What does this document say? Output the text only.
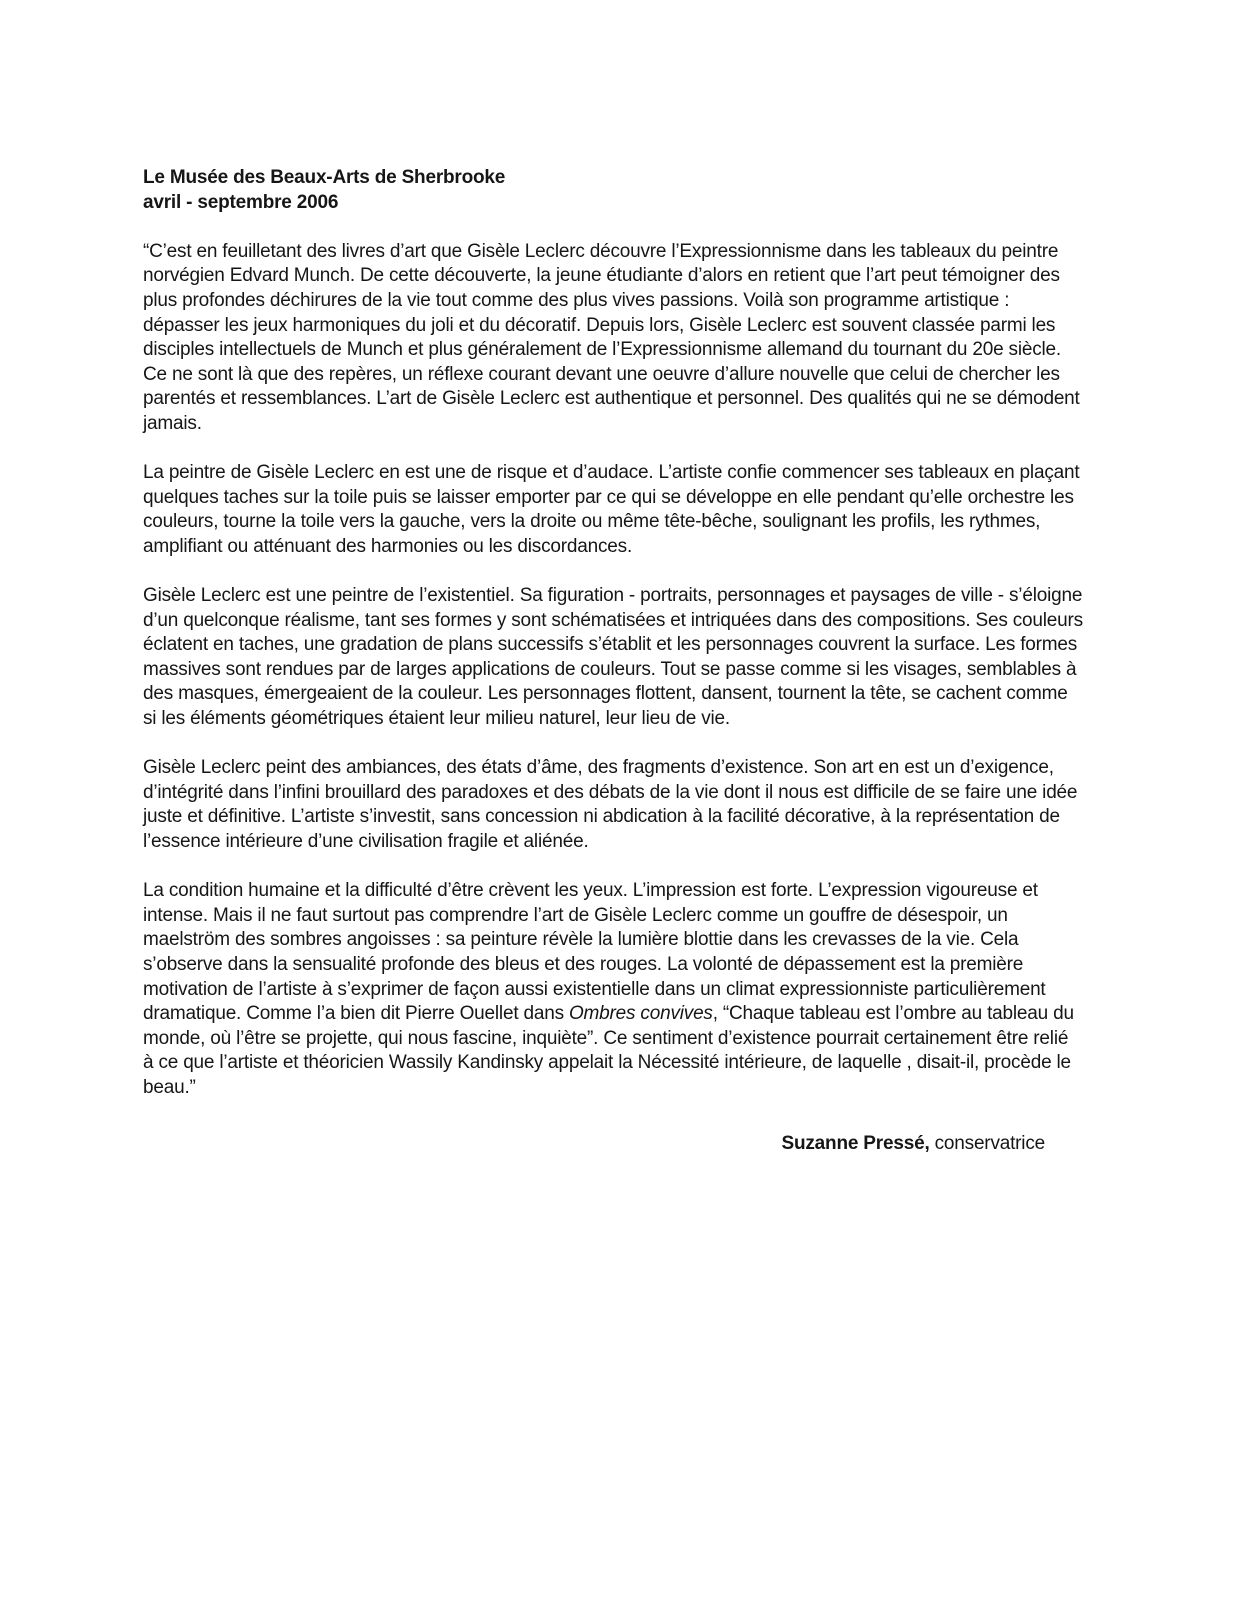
Le Musée des Beaux-Arts de Sherbrooke
avril - septembre 2006

“C’est en feuilletant des livres d’art que Gisèle Leclerc découvre l’Expressionnisme dans les tableaux du peintre norvégien Edvard Munch. De cette découverte, la jeune étudiante d’alors en retient que l’art peut témoigner des plus profondes déchirures de la vie tout comme des plus vives passions. Voilà son programme artistique : dépasser les jeux harmoniques du joli et du décoratif. Depuis lors, Gisèle Leclerc est souvent classée parmi les disciples intellectuels de Munch et plus généralement de l’Expressionnisme allemand du tournant du 20e siècle. Ce ne sont là que des repères, un réflexe courant devant une oeuvre d’allure nouvelle que celui de chercher les parentés et ressemblances. L’art de Gisèle Leclerc est authentique et personnel. Des qualités qui ne se démodent jamais.

La peintre de Gisèle Leclerc en est une de risque et d’audace. L’artiste confie commencer ses tableaux en plaçant quelques taches sur la toile puis se laisser emporter par ce qui se développe en elle pendant qu’elle orchestre les couleurs, tourne la toile vers la gauche, vers la droite ou même tête-bêche, soulignant les profils, les rythmes, amplifiant ou atténuant des harmonies ou les discordances.

Gisèle Leclerc est une peintre de l’existentiel. Sa figuration - portraits, personnages et paysages de ville - s’éloigne d’un quelconque réalisme, tant ses formes y sont schématisées et intriquées dans des compositions. Ses couleurs éclatent en taches, une gradation de plans successifs s’établit et les personnages couvrent la surface. Les formes massives sont rendues par de larges applications de couleurs. Tout se passe comme si les visages, semblables à des masques, émergeaient de la couleur. Les personnages flottent, dansent, tournent la tête, se cachent comme si les éléments géométriques étaient leur milieu naturel, leur lieu de vie.

Gisèle Leclerc peint des ambiances, des états d’âme, des fragments d’existence. Son art en est un d’exigence, d’intégrité dans l’infini brouillard des paradoxes et des débats de la vie dont il nous est difficile de se faire une idée juste et définitive. L’artiste s’investit, sans concession ni abdication à la facilité décorative, à la représentation de l’essence intérieure d’une civilisation fragile et aliénée.

La condition humaine et la difficulté d’être crèvent les yeux. L’impression est forte. L’expression vigoureuse et intense. Mais il ne faut surtout pas comprendre l’art de Gisèle Leclerc comme un gouffre de désespoir, un maelström des sombres angoisses : sa peinture révèle la lumière blottie dans les crevasses de la vie. Cela s’observe dans la sensualité profonde des bleus et des rouges. La volonté de dépassement est la première motivation de l’artiste à s’exprimer de façon aussi existentielle dans un climat expressionniste particulièrement dramatique. Comme l’a bien dit Pierre Ouellet dans Ombres convives, “Chaque tableau est l’ombre au tableau du monde, où l’être se projette, qui nous fascine, inquiète”. Ce sentiment d’existence pourrait certainement être relié à ce que l’artiste et théoricien Wassily Kandinsky appelait la Nécessité intérieure, de laquelle , disait-il, procède le beau.”

Suzanne Pressé, conservatrice
